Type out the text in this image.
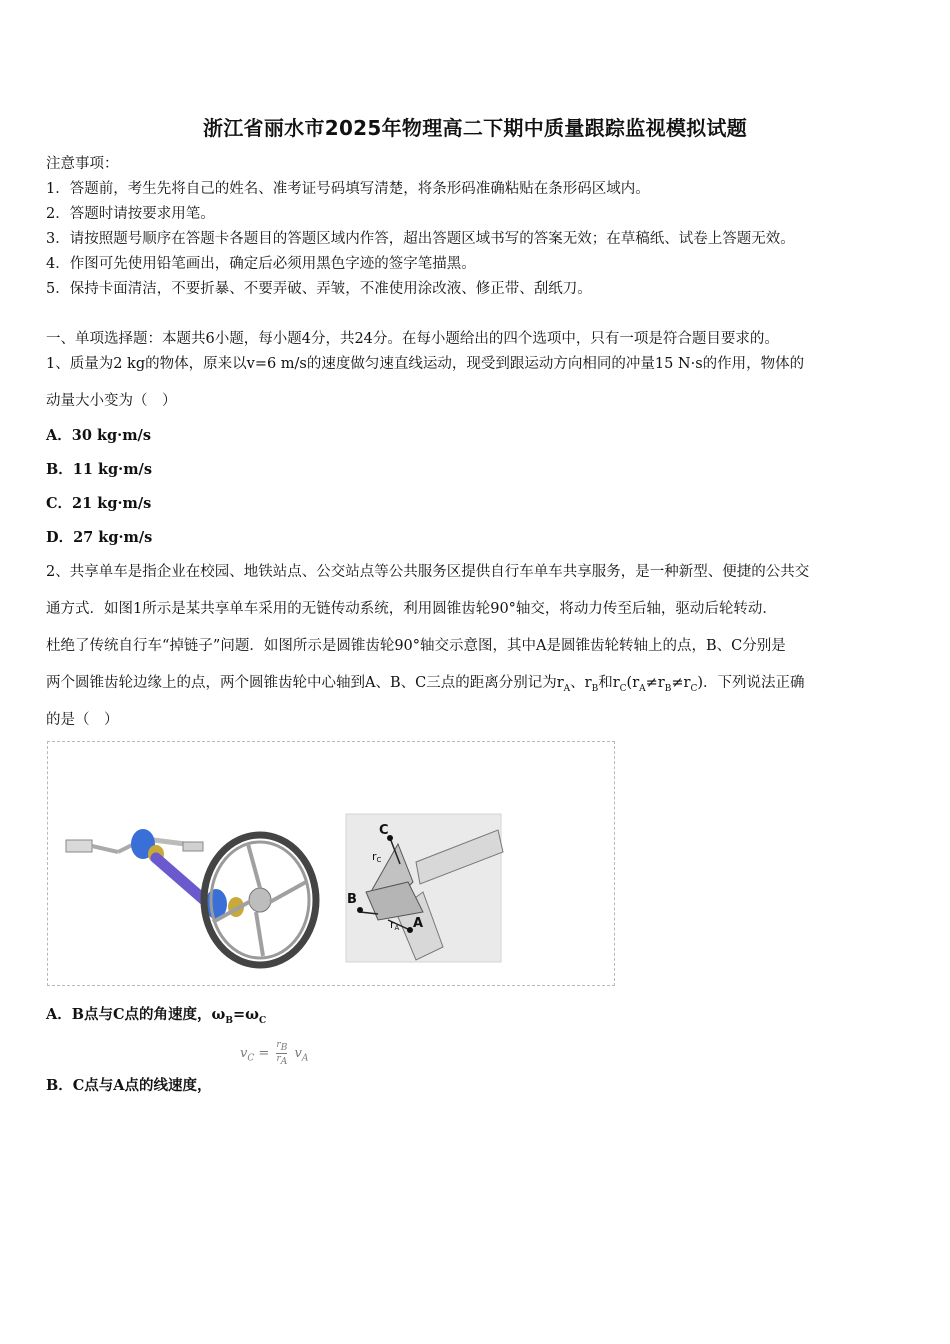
浙江省丽水市2025年物理高二下期中质量跟踪监视模拟试题
注意事项：
1．答题前，考生先将自己的姓名、准考证号码填写清楚，将条形码准确粘贴在条形码区域内。
2．答题时请按要求用笔。
3．请按照题号顺序在答题卡各题目的答题区域内作答，超出答题区域书写的答案无效；在草稿纸、试卷上答题无效。
4．作图可先使用铅笔画出，确定后必须用黑色字迹的签字笔描黑。
5．保持卡面清洁，不要折暴、不要弄破、弄皱，不准使用涂改液、修正带、刮纸刀。
一、单项选择题：本题共6小题，每小题4分，共24分。在每小题给出的四个选项中，只有一项是符合题目要求的。
1、质量为2 kg的物体，原来以v=6 m/s的速度做匀速直线运动，现受到跟运动方向相同的冲量15 N·s的作用，物体的
动量大小变为（　）
A．30 kg·m/s
B．11 kg·m/s
C．21 kg·m/s
D．27 kg·m/s
2、共享单车是指企业在校园、地铁站点、公交站点等公共服务区提供自行车单车共享服务，是一种新型、便捷的公共交
通方式．如图1所示是某共享单车采用的无链传动系统，利用圆锥齿轮90°轴交，将动力传至后轴，驱动后轮转动．
杜绝了传统自行车“掉链子”问题．如图所示是圆锥齿轮90°轴交示意图，其中A是圆锥齿轮转轴上的点，B、C分别是
两个圆锥齿轮边缘上的点，两个圆锥齿轮中心轴到A、B、C三点的距离分别记为$r_A$、$r_B$和$r_C(r_A\ne r_B\ne r_C)$．下列说法正确
的是（　）
C
rC
B
rA A
A．B点与C点的角速度，$\omega_B=\omega_C$
$v_C = \frac{r_B}{r_A} v_A$
B．C点与A点的线速度，
